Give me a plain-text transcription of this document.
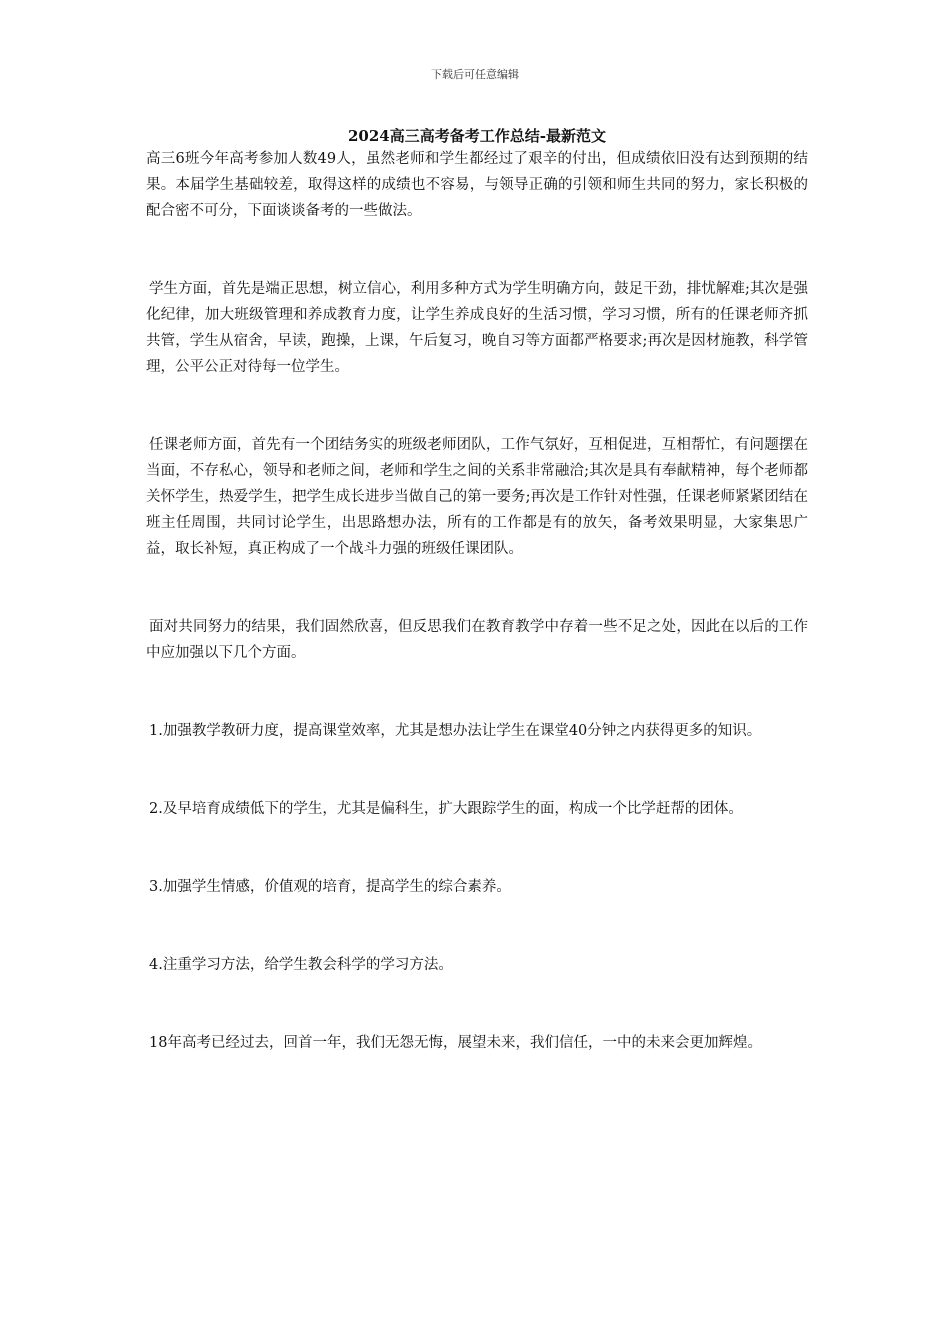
下载后可任意编辑
2024高三高考备考工作总结-最新范文

高三6班今年高考参加人数49人，虽然老师和学生都经过了艰辛的付出，但成绩依旧没有达到预期的结果。本届学生基础较差，取得这样的成绩也不容易，与领导正确的引领和师生共同的努力，家长积极的配合密不可分，下面谈谈备考的一些做法。

学生方面，首先是端正思想，树立信心，利用多种方式为学生明确方向，鼓足干劲，排忧解难;其次是强化纪律，加大班级管理和养成教育力度，让学生养成良好的生活习惯，学习习惯，所有的任课老师齐抓共管，学生从宿舍，早读，跑操，上课，午后复习，晚自习等方面都严格要求;再次是因材施教，科学管理，公平公正对待每一位学生。

任课老师方面，首先有一个团结务实的班级老师团队，工作气氛好，互相促进，互相帮忙，有问题摆在当面，不存私心，领导和老师之间，老师和学生之间的关系非常融洽;其次是具有奉献精神，每个老师都关怀学生，热爱学生，把学生成长进步当做自己的第一要务;再次是工作针对性强，任课老师紧紧团结在班主任周围，共同讨论学生，出思路想办法，所有的工作都是有的放矢，备考效果明显，大家集思广益，取长补短，真正构成了一个战斗力强的班级任课团队。

面对共同努力的结果，我们固然欣喜，但反思我们在教育教学中存着一些不足之处，因此在以后的工作中应加强以下几个方面。

1.加强教学教研力度，提高课堂效率，尤其是想办法让学生在课堂40分钟之内获得更多的知识。

2.及早培育成绩低下的学生，尤其是偏科生，扩大跟踪学生的面，构成一个比学赶帮的团体。

3.加强学生情感，价值观的培育，提高学生的综合素养。

4.注重学习方法，给学生教会科学的学习方法。

18年高考已经过去，回首一年，我们无怨无悔，展望未来，我们信任，一中的未来会更加辉煌。
